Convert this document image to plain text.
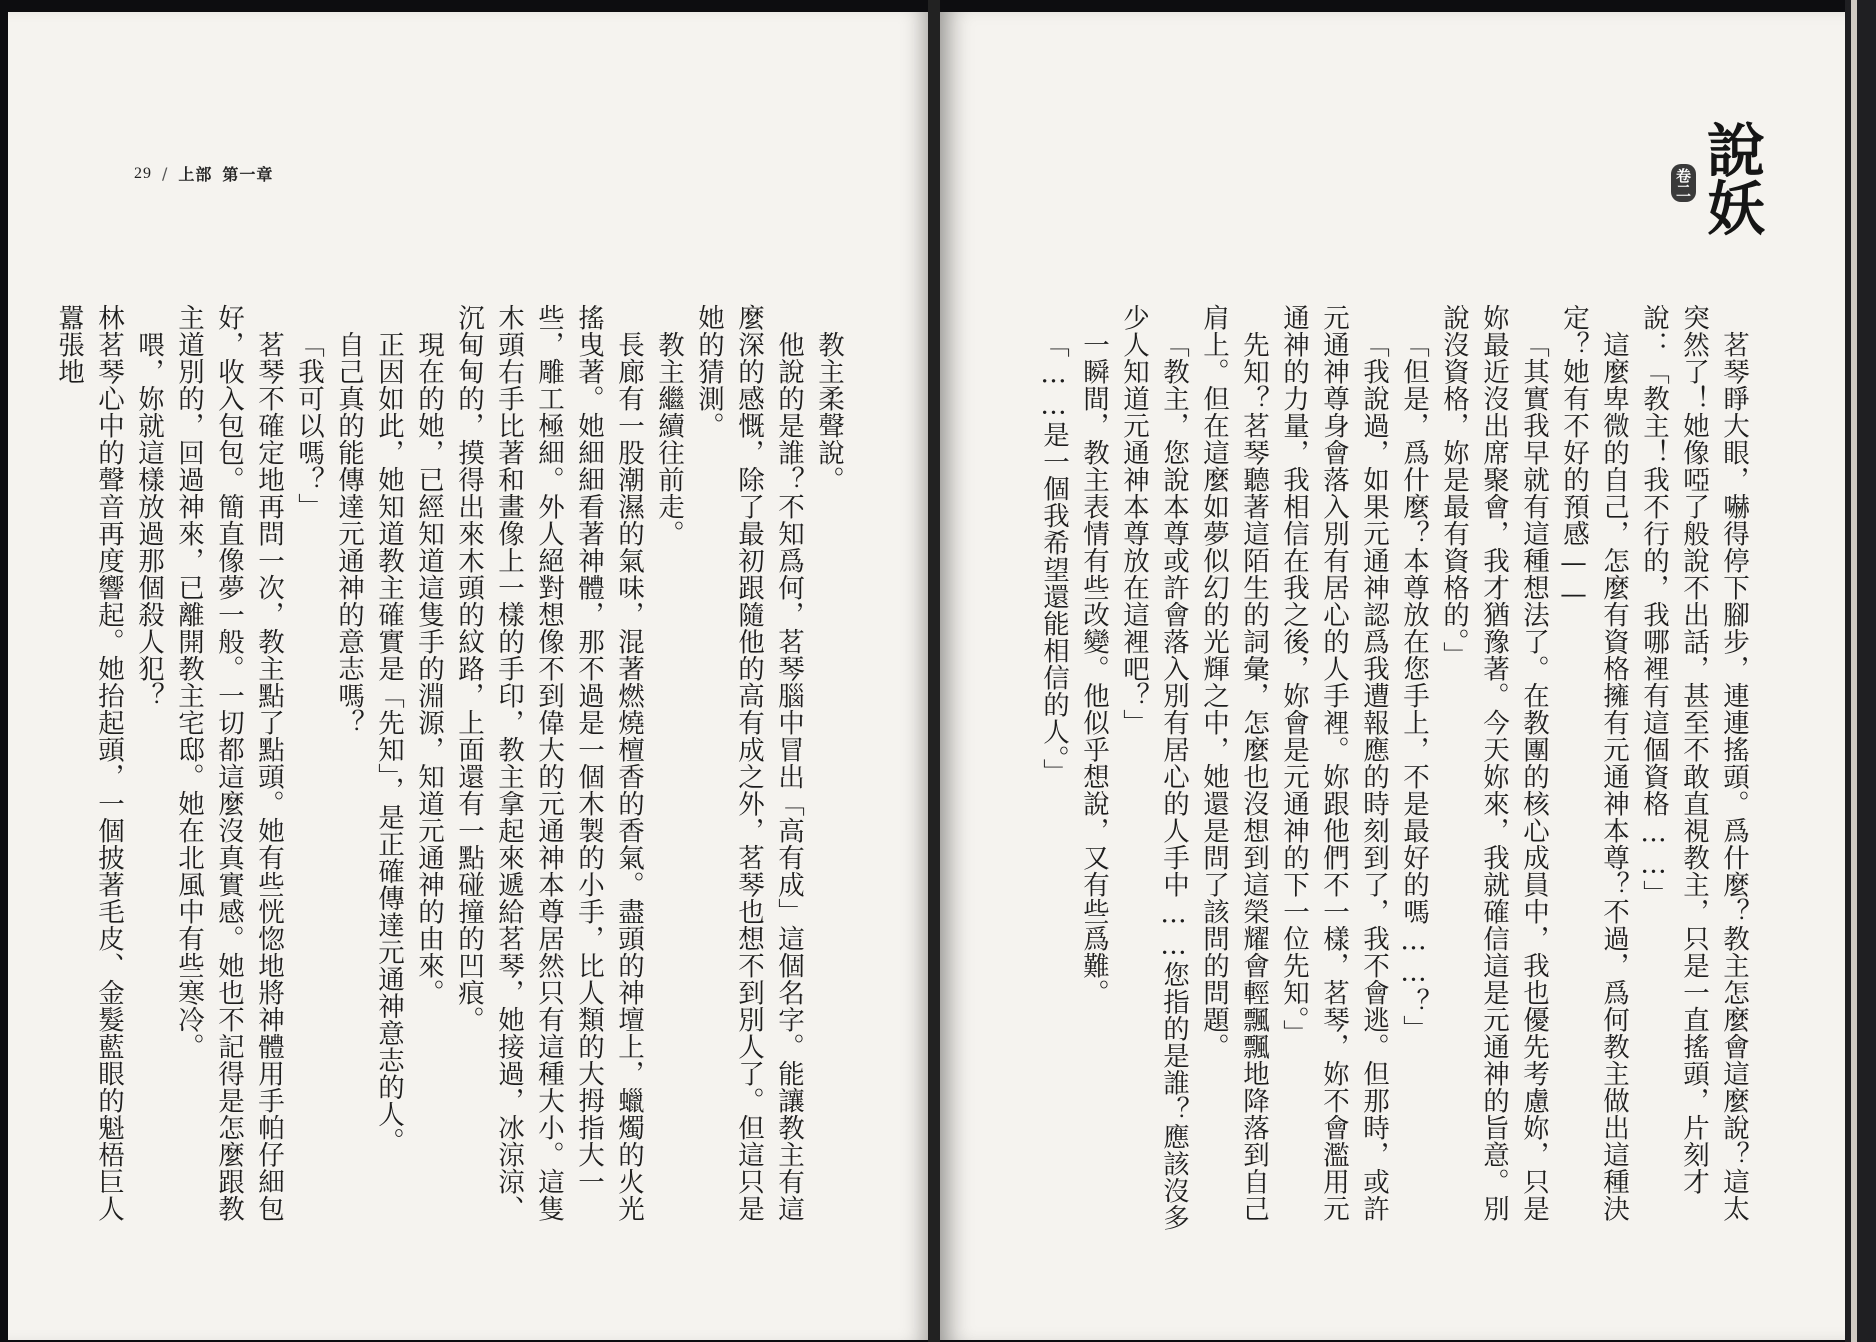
29 / 上部 第一章

教主柔聲說。

他說的是誰？不知爲何，茗琴腦中冒出「高有成」這個名字。能讓教主有這麼深的感慨，除了最初跟隨他的高有成之外，茗琴也想不到別人了。但這只是她的猜測。

教主繼續往前走。

長廊有一股潮濕的氣味，混著燃燒檀香的香氣。盡頭的神壇上，蠟燭的火光搖曳著。她細細看著神體，那不過是一個木製的小手，比人類的大拇指大一些，雕工極細。外人絕對想像不到偉大的元通神本尊居然只有這種大小。這隻木頭右手比著和畫像上一樣的手印，教主拿起來遞給茗琴，她接過，冰涼涼、沉甸甸的，摸得出來木頭的紋路，上面還有一點碰撞的凹痕。

現在的她，已經知道這隻手的淵源，知道元通神的由來。

正因如此，她知道教主確實是「先知」，是正確傳達元通神意志的人。

自己真的能傳達元通神的意志嗎？

「我可以嗎？」

茗琴不確定地再問一次，教主點了點頭。她有些恍惚地將神體用手帕仔細包好，收入包包。簡直像夢一般。一切都這麼沒真實感。她也不記得是怎麼跟教主道別的，回過神來，已離開教主宅邸。她在北風中有些寒冷。

喂，妳就這樣放過那個殺人犯？

林茗琴心中的聲音再度響起。她抬起頭，一個披著毛皮、金髮藍眼的魁梧巨人囂張地

卷二 說妖

茗琴睜大眼，嚇得停下腳步，連連搖頭。爲什麼？教主怎麼會這麼說？這太突然了！她像啞了般說不出話，甚至不敢直視教主，只是一直搖頭，片刻才說：「教主！我不行的，我哪裡有這個資格……」

這麼卑微的自己，怎麼有資格擁有元通神本尊？不過，爲何教主做出這種決定？她有不好的預感——

「其實我早就有這種想法了。在教團的核心成員中，我也優先考慮妳，只是妳最近沒出席聚會，我才猶豫著。今天妳來，我就確信這是元通神的旨意。別說沒資格，妳是最有資格的。」

「但是，爲什麼？本尊放在您手上，不是最好的嗎……？」

「我說過，如果元通神認爲我遭報應的時刻到了，我不會逃。但那時，或許元通神尊身會落入別有居心的人手裡。妳跟他們不一樣，茗琴，妳不會濫用元通神的力量，我相信在我之後，妳會是元通神的下一位先知。」

先知？茗琴聽著這陌生的詞彙，怎麼也沒想到這榮耀會輕飄飄地降落到自己肩上。但在這麼如夢似幻的光輝之中，她還是問了該問的問題。

「教主，您說本尊或許會落入別有居心的人手中……您指的是誰？應該沒多少人知道元通神本尊放在這裡吧？」

一瞬間，教主表情有些改變。他似乎想說，又有些爲難。

「……是一個我希望還能相信的人。」
